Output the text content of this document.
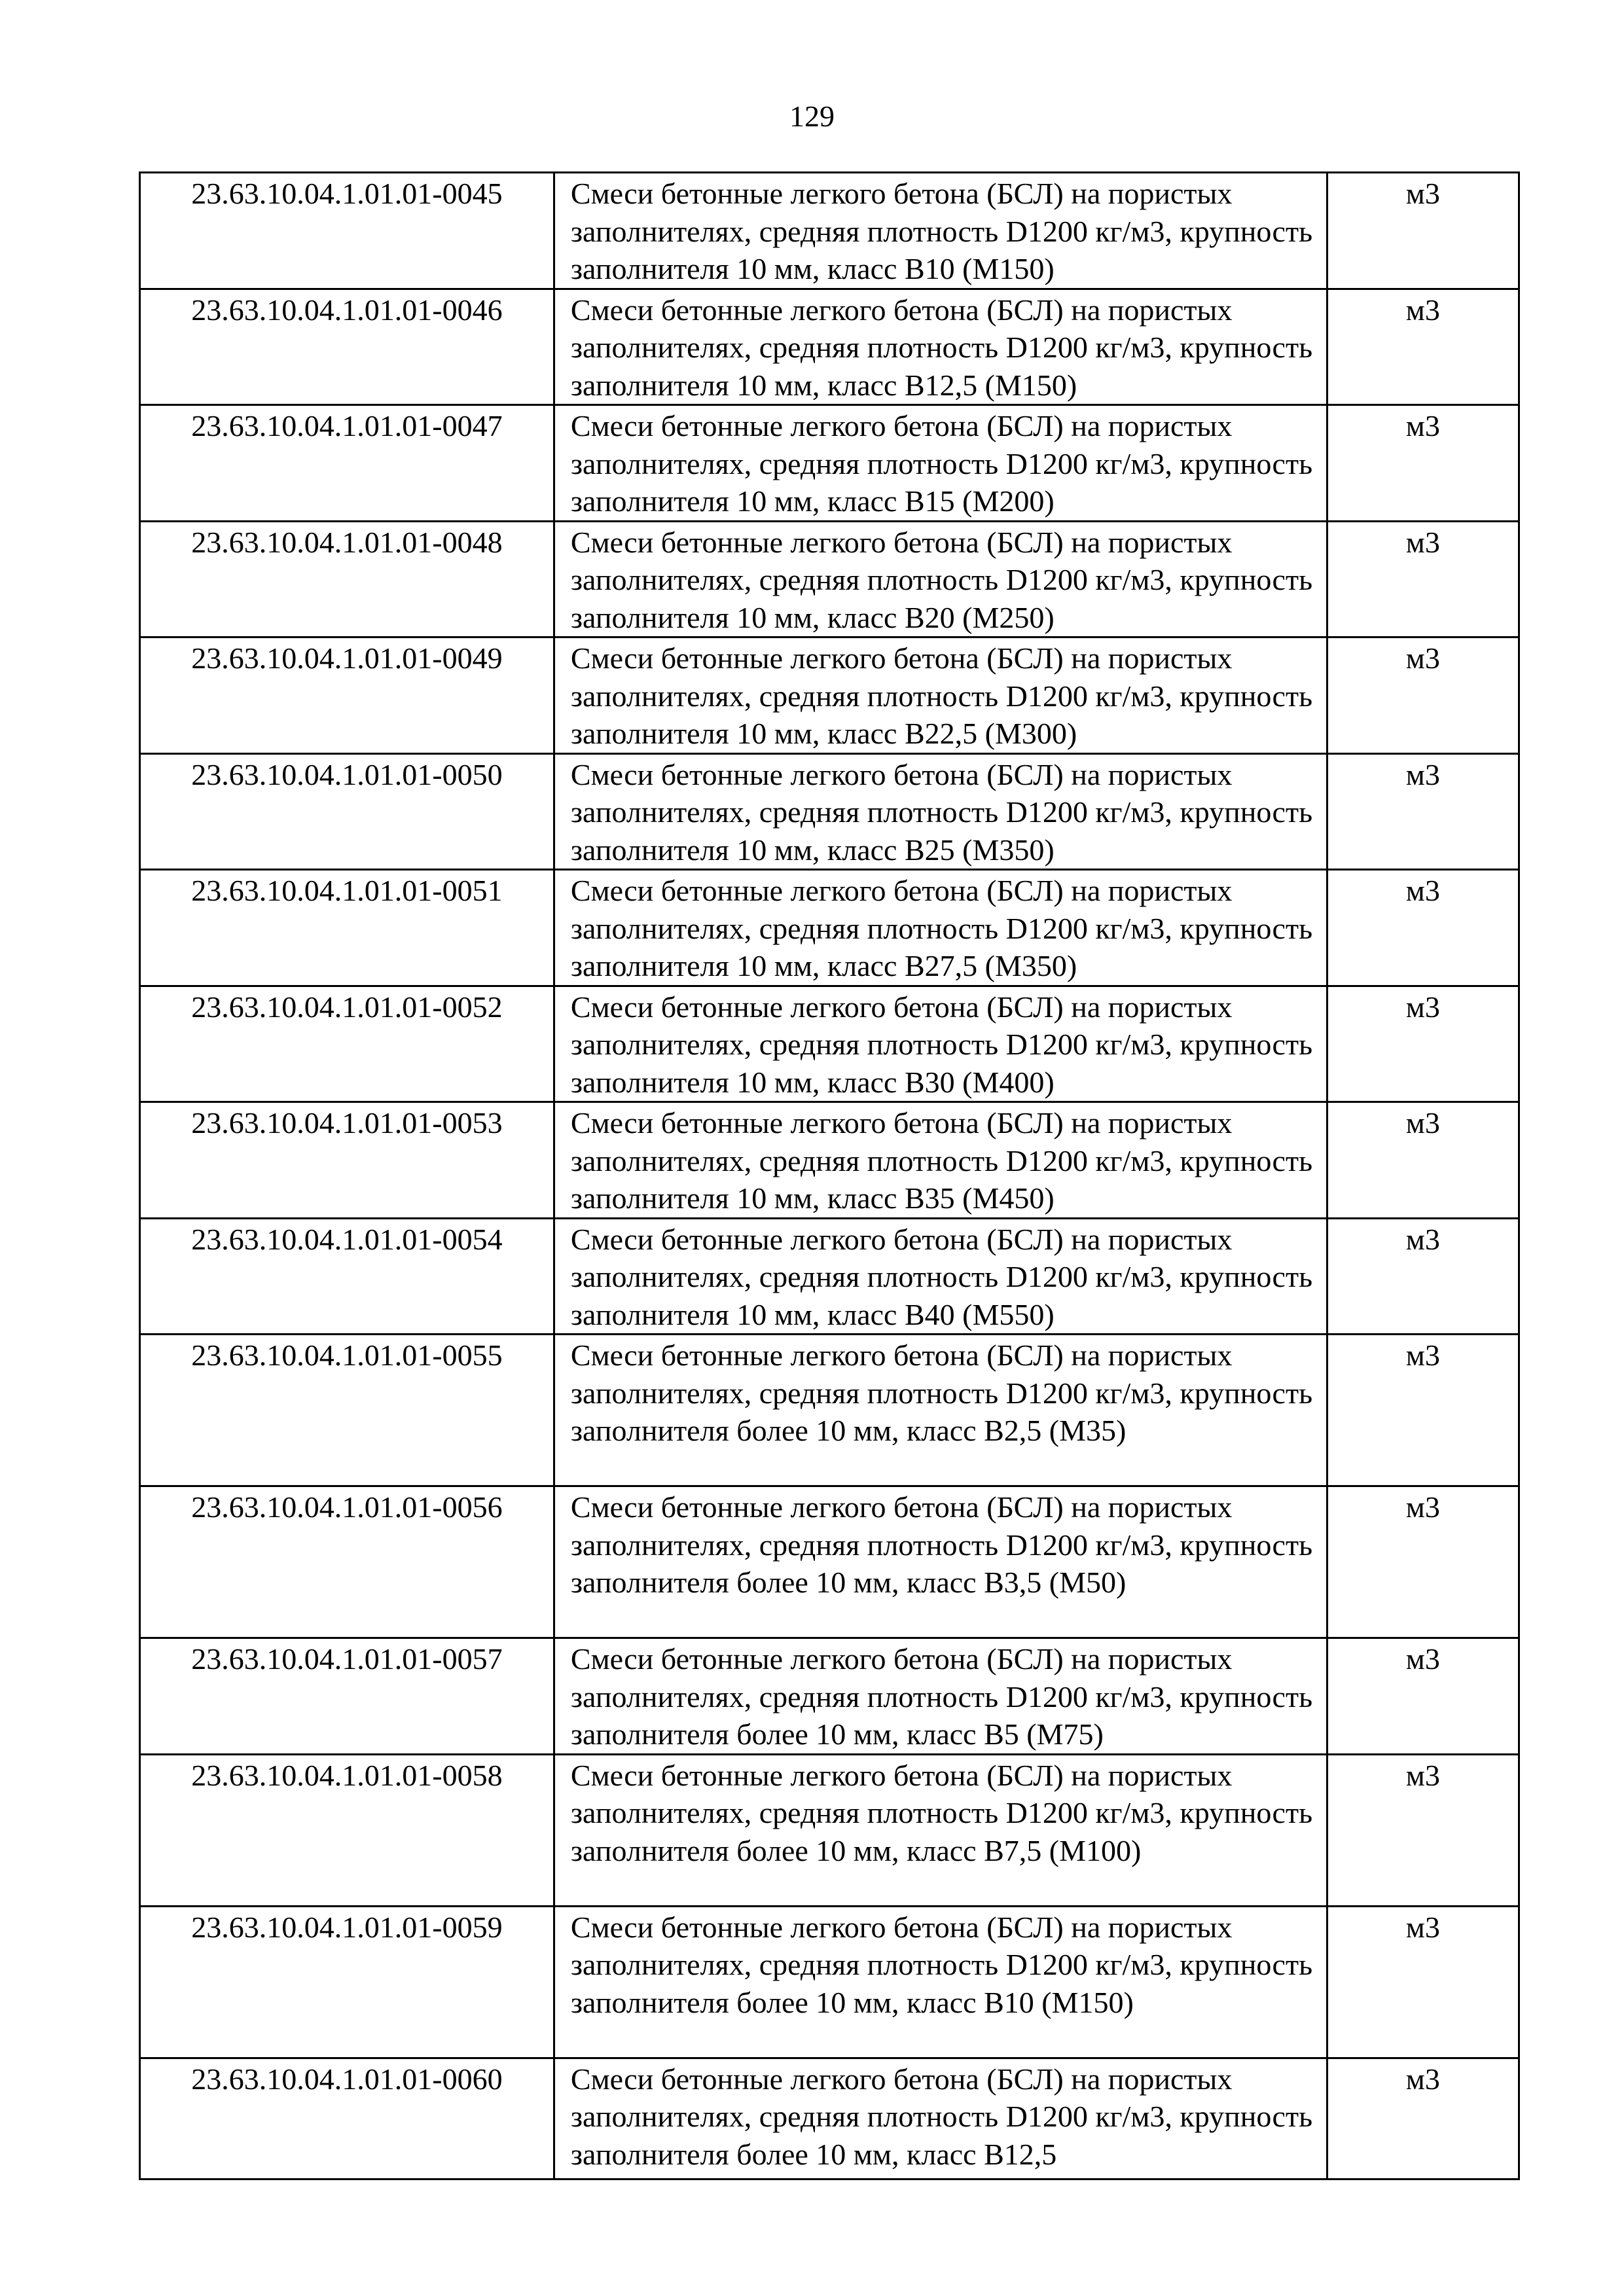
129
23.63.10.04.1.01.01-0045	Смеси бетонные легкого бетона (БСЛ) на пористых заполнителях, средняя плотность D1200 кг/м3, крупность заполнителя 10 мм, класс В10 (М150)	м3
23.63.10.04.1.01.01-0046	Смеси бетонные легкого бетона (БСЛ) на пористых заполнителях, средняя плотность D1200 кг/м3, крупность заполнителя 10 мм, класс В12,5 (М150)	м3
23.63.10.04.1.01.01-0047	Смеси бетонные легкого бетона (БСЛ) на пористых заполнителях, средняя плотность D1200 кг/м3, крупность заполнителя 10 мм, класс В15 (М200)	м3
23.63.10.04.1.01.01-0048	Смеси бетонные легкого бетона (БСЛ) на пористых заполнителях, средняя плотность D1200 кг/м3, крупность заполнителя 10 мм, класс В20 (М250)	м3
23.63.10.04.1.01.01-0049	Смеси бетонные легкого бетона (БСЛ) на пористых заполнителях, средняя плотность D1200 кг/м3, крупность заполнителя 10 мм, класс В22,5 (М300)	м3
23.63.10.04.1.01.01-0050	Смеси бетонные легкого бетона (БСЛ) на пористых заполнителях, средняя плотность D1200 кг/м3, крупность заполнителя 10 мм, класс В25 (М350)	м3
23.63.10.04.1.01.01-0051	Смеси бетонные легкого бетона (БСЛ) на пористых заполнителях, средняя плотность D1200 кг/м3, крупность заполнителя 10 мм, класс В27,5 (М350)	м3
23.63.10.04.1.01.01-0052	Смеси бетонные легкого бетона (БСЛ) на пористых заполнителях, средняя плотность D1200 кг/м3, крупность заполнителя 10 мм, класс В30 (М400)	м3
23.63.10.04.1.01.01-0053	Смеси бетонные легкого бетона (БСЛ) на пористых заполнителях, средняя плотность D1200 кг/м3, крупность заполнителя 10 мм, класс В35 (М450)	м3
23.63.10.04.1.01.01-0054	Смеси бетонные легкого бетона (БСЛ) на пористых заполнителях, средняя плотность D1200 кг/м3, крупность заполнителя 10 мм, класс В40 (М550)	м3
23.63.10.04.1.01.01-0055	Смеси бетонные легкого бетона (БСЛ) на пористых заполнителях, средняя плотность D1200 кг/м3, крупность заполнителя более 10 мм, класс В2,5 (М35)	м3
23.63.10.04.1.01.01-0056	Смеси бетонные легкого бетона (БСЛ) на пористых заполнителях, средняя плотность D1200 кг/м3, крупность заполнителя более 10 мм, класс В3,5 (М50)	м3
23.63.10.04.1.01.01-0057	Смеси бетонные легкого бетона (БСЛ) на пористых заполнителях, средняя плотность D1200 кг/м3, крупность заполнителя более 10 мм, класс В5 (М75)	м3
23.63.10.04.1.01.01-0058	Смеси бетонные легкого бетона (БСЛ) на пористых заполнителях, средняя плотность D1200 кг/м3, крупность заполнителя более 10 мм, класс В7,5 (М100)	м3
23.63.10.04.1.01.01-0059	Смеси бетонные легкого бетона (БСЛ) на пористых заполнителях, средняя плотность D1200 кг/м3, крупность заполнителя более 10 мм, класс В10 (М150)	м3
23.63.10.04.1.01.01-0060	Смеси бетонные легкого бетона (БСЛ) на пористых заполнителях, средняя плотность D1200 кг/м3, крупность заполнителя более 10 мм, класс В12,5	м3
